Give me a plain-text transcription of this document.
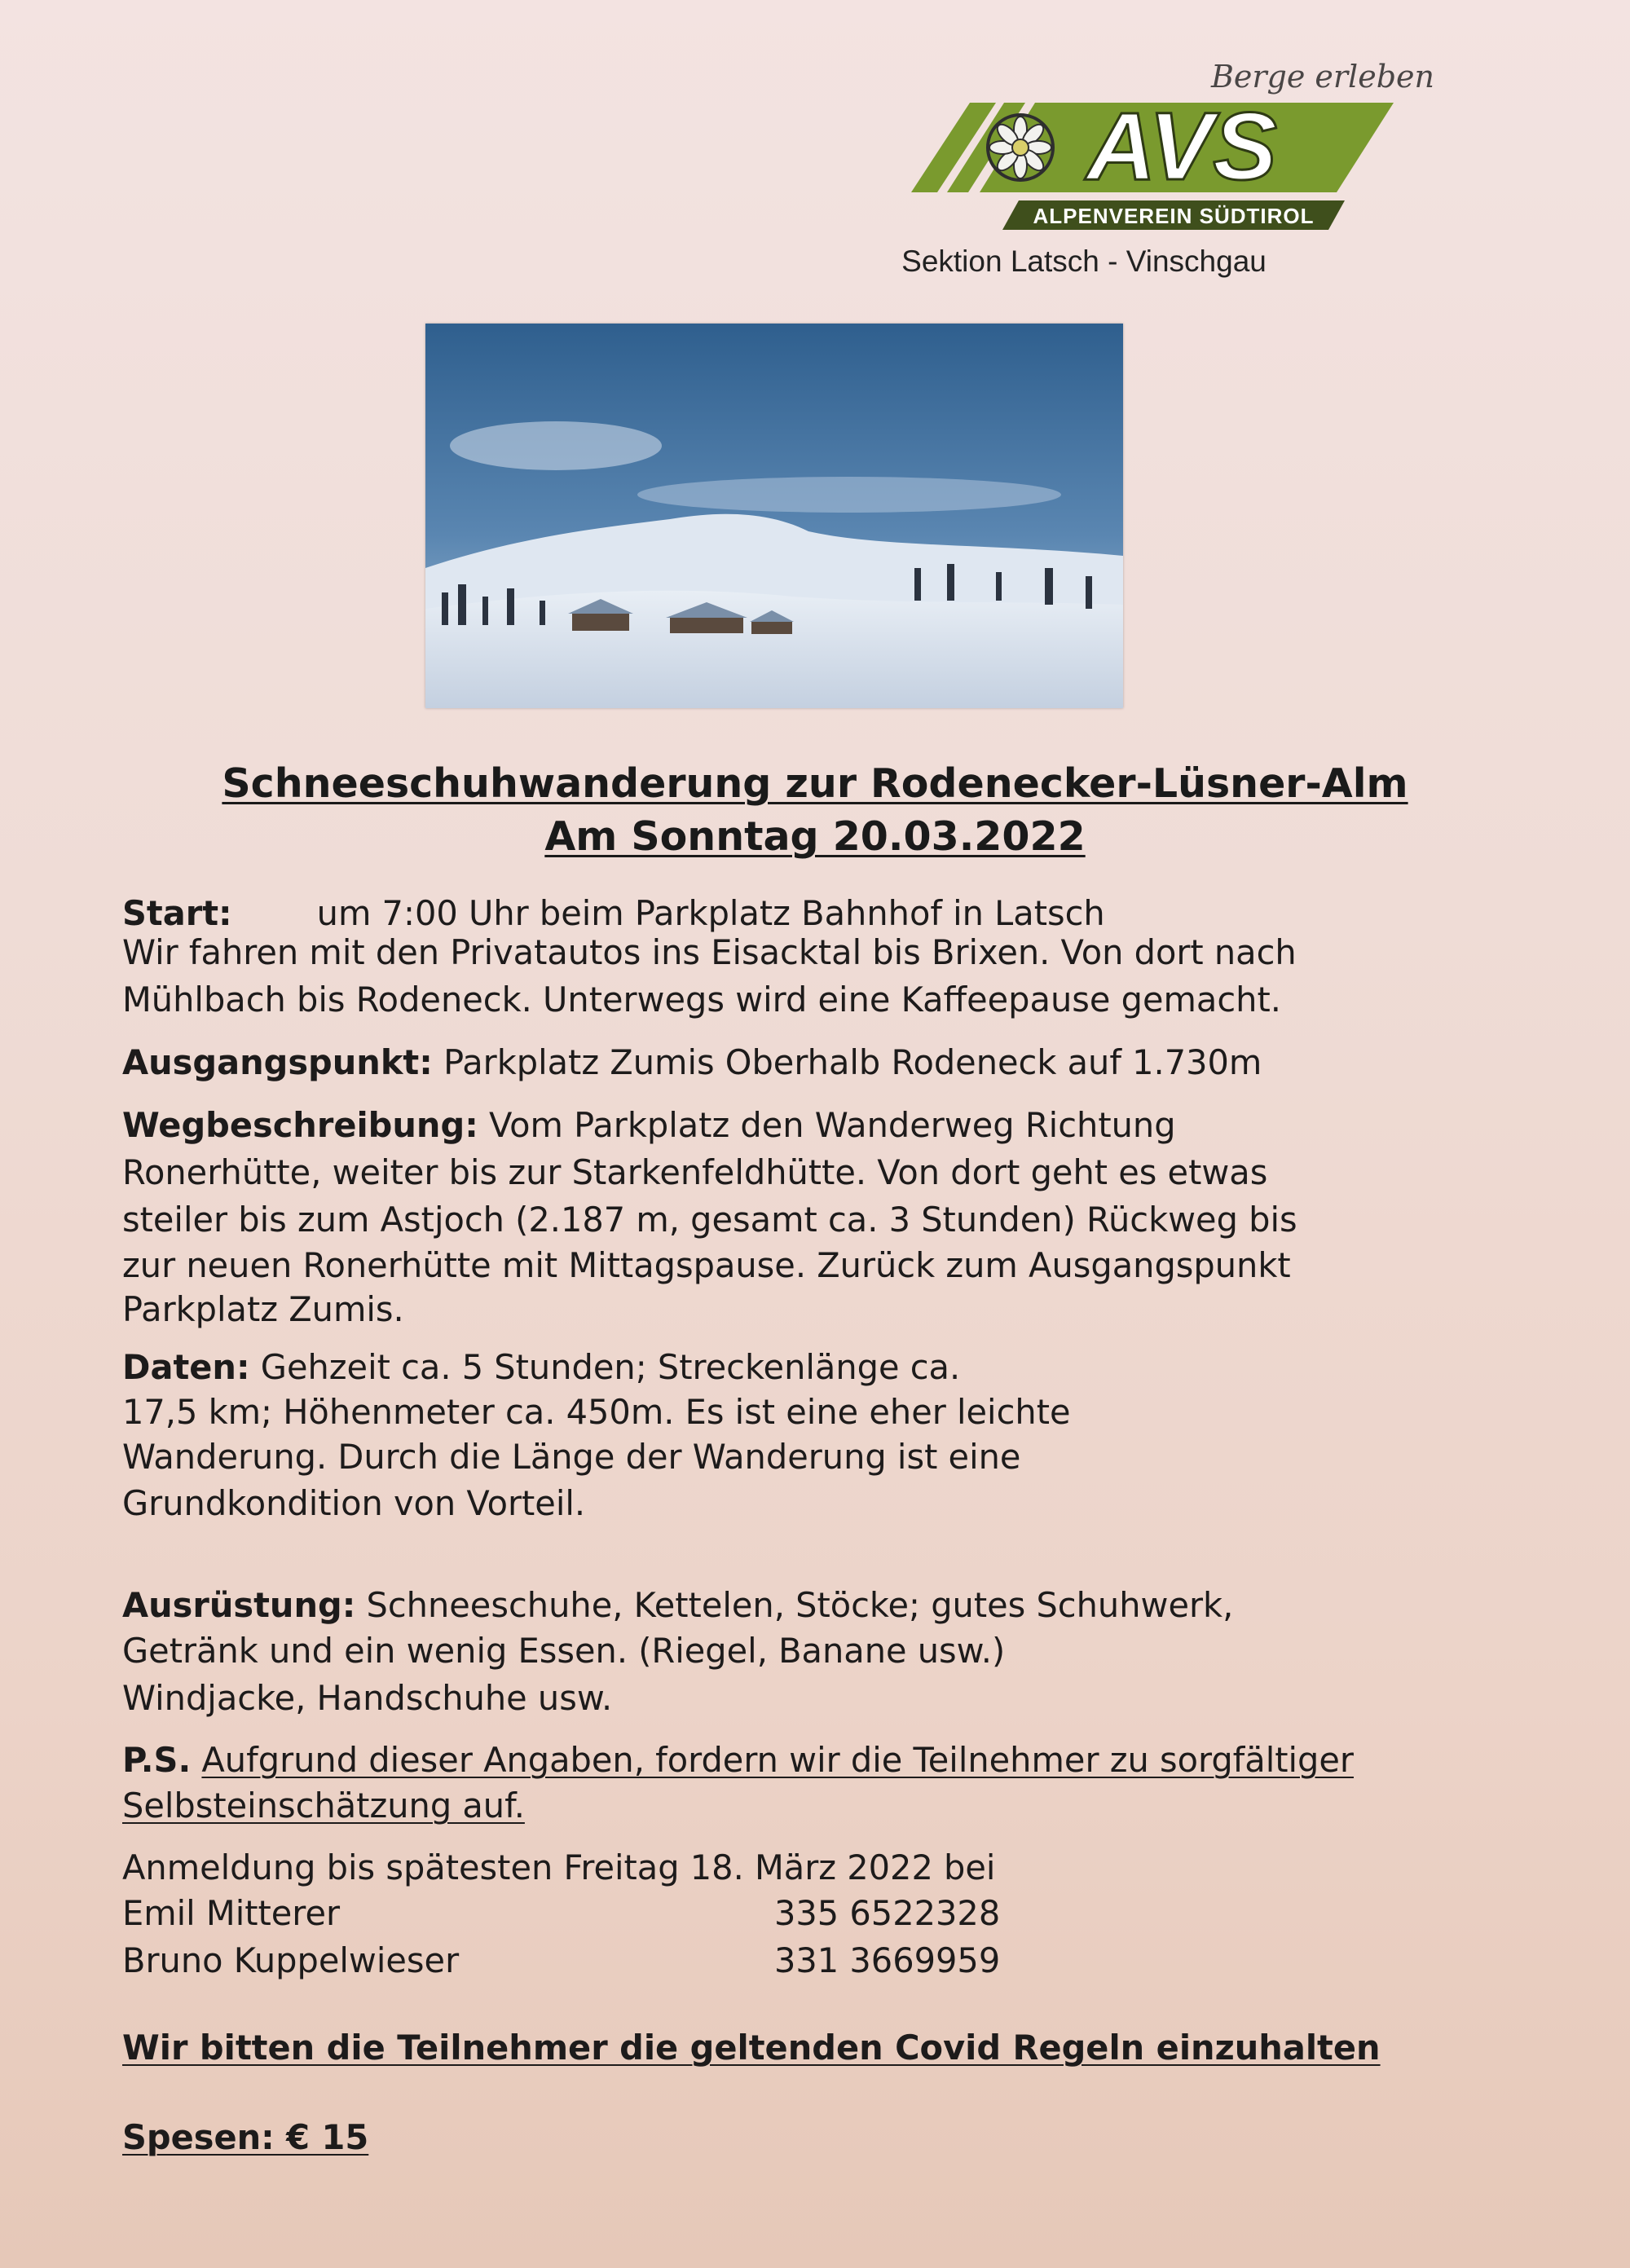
Berge erleben
AVS
ALPENVEREIN SÜDTIROL
Sektion Latsch - Vinschgau
Schneeschuhwanderung zur Rodenecker-Lüsner-Alm
Am Sonntag 20.03.2022
Start:	um 7:00 Uhr beim Parkplatz Bahnhof in Latsch
Wir fahren mit den Privatautos ins Eisacktal bis Brixen. Von dort nach
Mühlbach bis Rodeneck. Unterwegs wird eine Kaffeepause gemacht.
Ausgangspunkt: Parkplatz Zumis Oberhalb Rodeneck auf 1.730m
Wegbeschreibung: Vom Parkplatz den Wanderweg Richtung
Ronerhütte, weiter bis zur Starkenfeldhütte. Von dort geht es etwas
steiler bis zum Astjoch (2.187 m, gesamt ca. 3 Stunden) Rückweg bis
zur neuen Ronerhütte mit Mittagspause. Zurück zum Ausgangspunkt
Parkplatz Zumis.
Daten: Gehzeit ca. 5 Stunden; Streckenlänge ca.
17,5 km; Höhenmeter ca. 450m. Es ist eine eher leichte
Wanderung. Durch die Länge der Wanderung ist eine
Grundkondition von Vorteil.
Ausrüstung: Schneeschuhe, Kettelen, Stöcke; gutes Schuhwerk,
Getränk und ein wenig Essen. (Riegel, Banane usw.)
Windjacke, Handschuhe usw.
P.S. Aufgrund dieser Angaben, fordern wir die Teilnehmer zu sorgfältiger
Selbsteinschätzung auf.
Anmeldung bis spätesten Freitag 18. März 2022 bei
Emil Mitterer	335 6522328
Bruno Kuppelwieser	331 3669959
Wir bitten die Teilnehmer die geltenden Covid Regeln einzuhalten
Spesen: € 15
